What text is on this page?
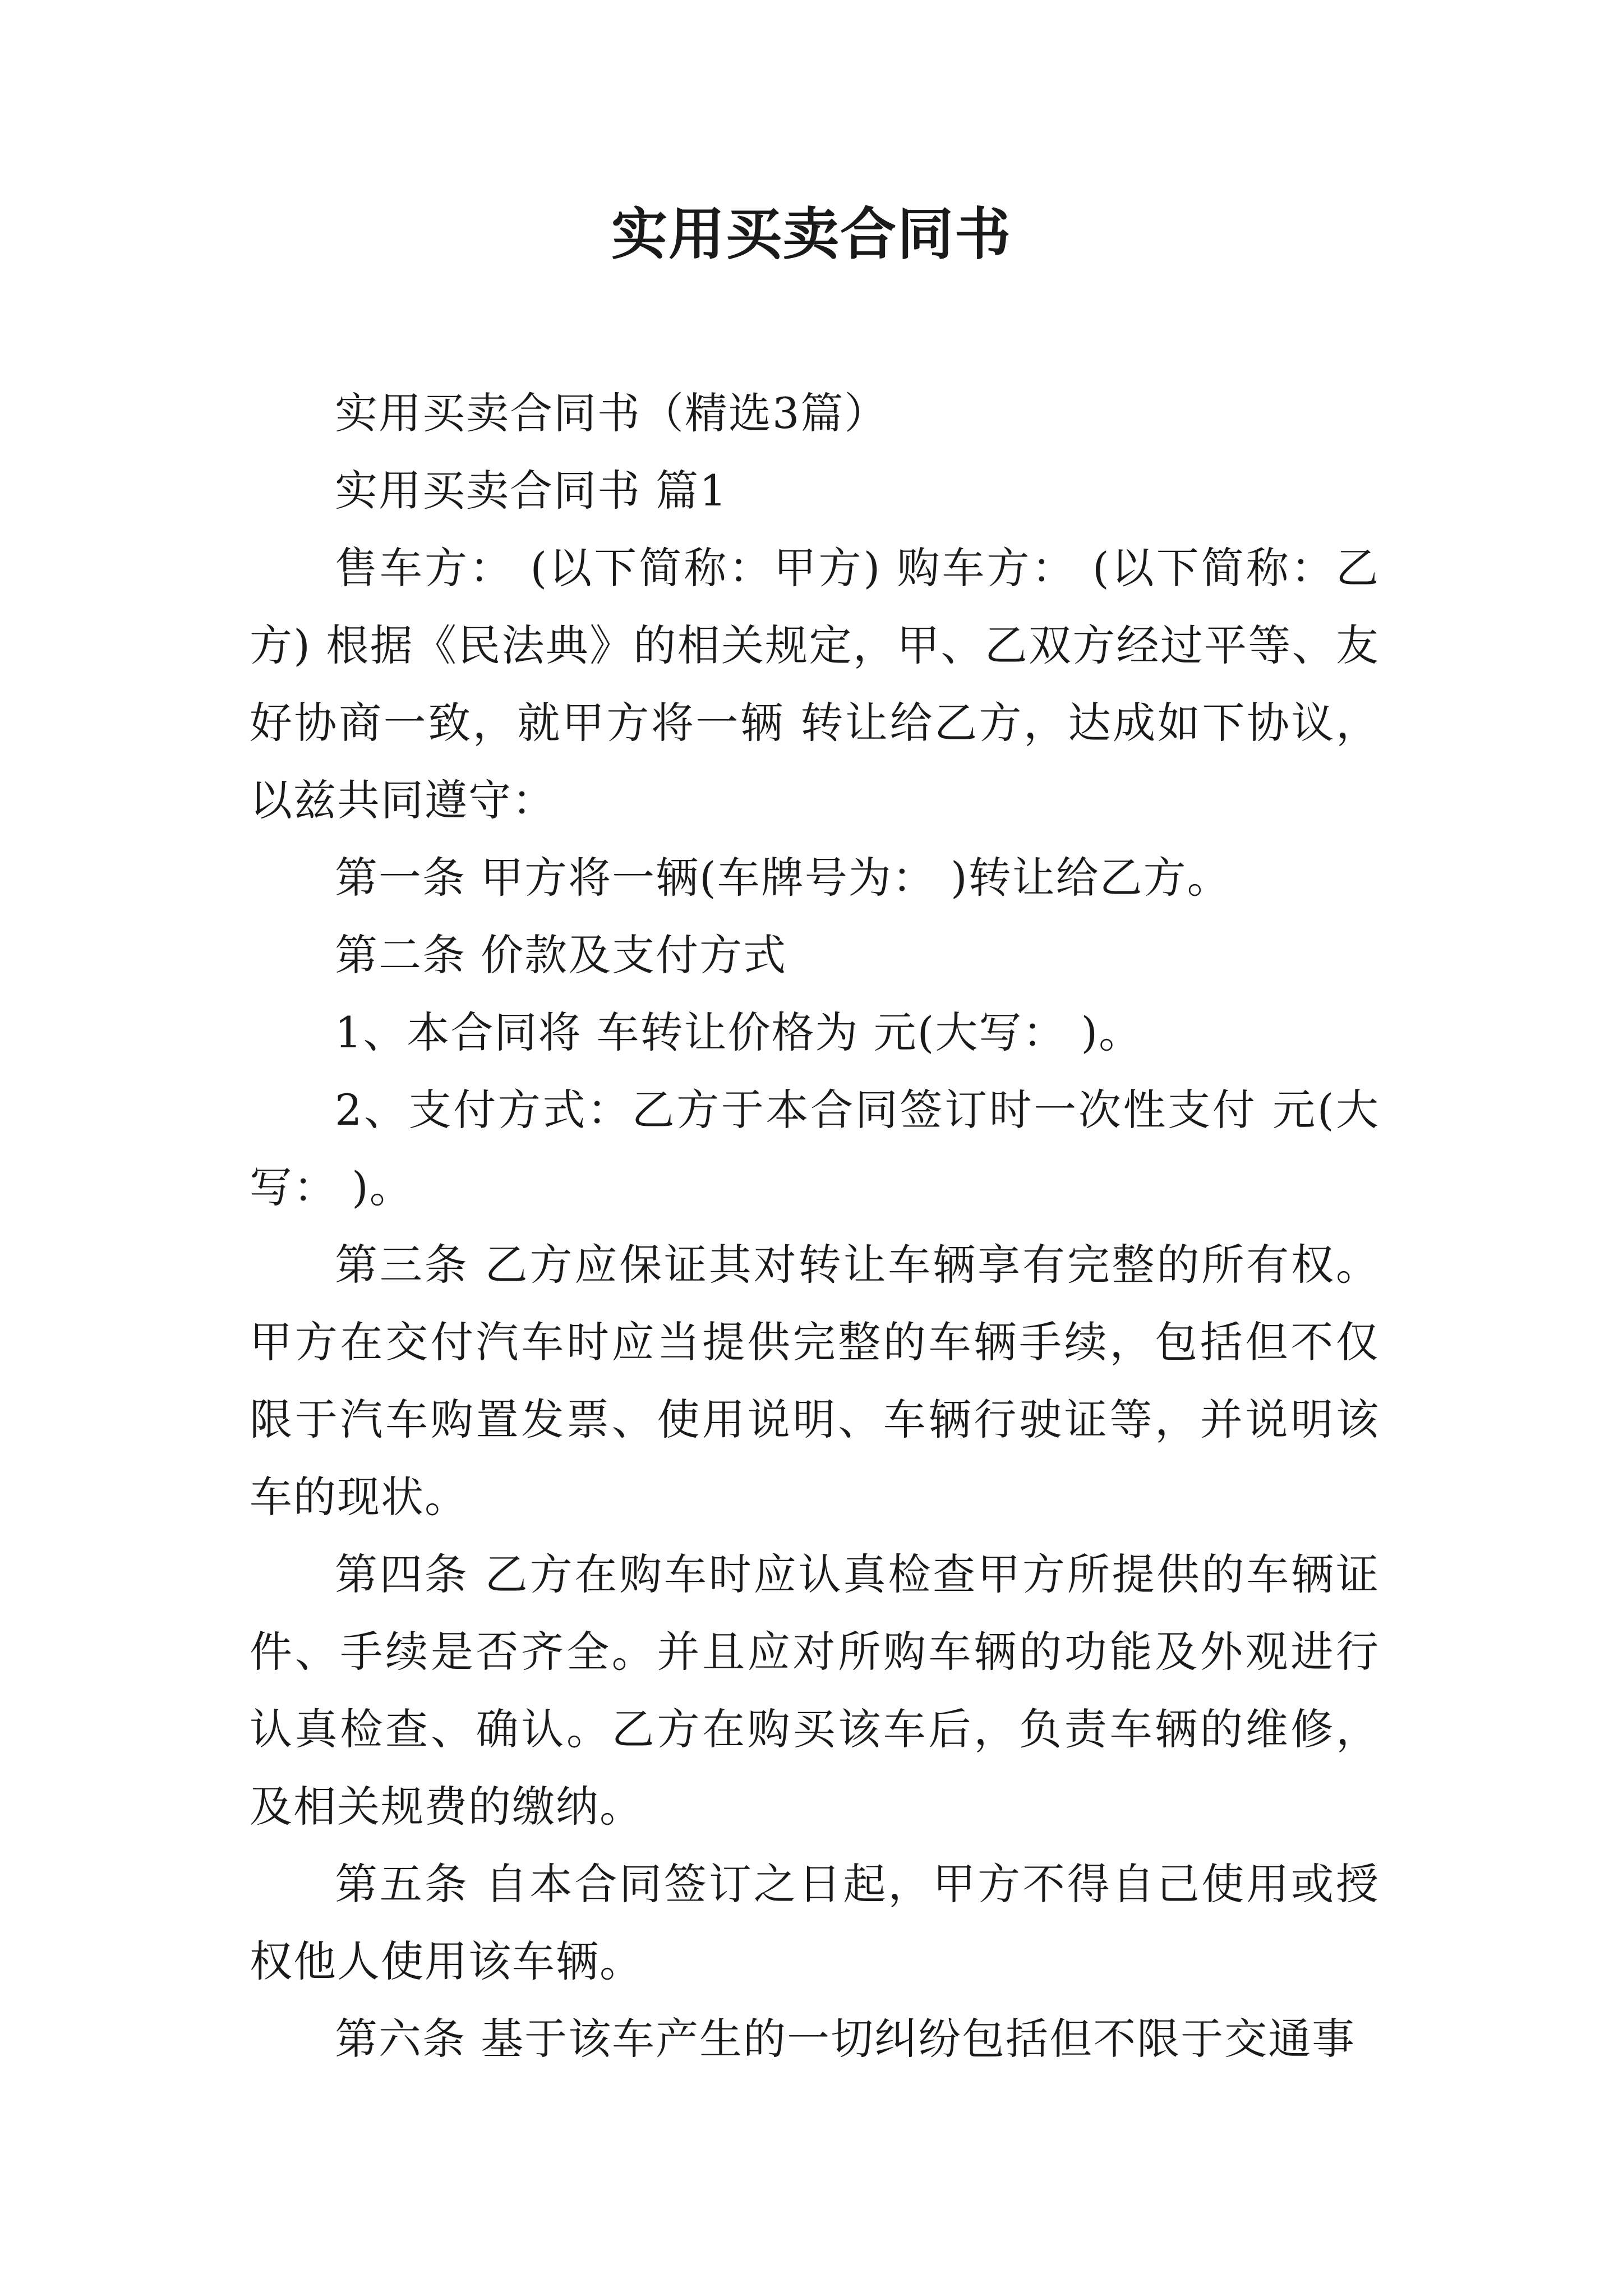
实用买卖合同书

实用买卖合同书（精选3篇）

实用买卖合同书 篇1

售车方： (以下简称：甲方) 购车方： (以下简称：乙方) 根据《民法典》的相关规定，甲、乙双方经过平等、友好协商一致，就甲方将一辆 转让给乙方，达成如下协议，以兹共同遵守：

第一条 甲方将一辆(车牌号为： )转让给乙方。

第二条 价款及支付方式

1、本合同将 车转让价格为 元(大写： )。

2、支付方式：乙方于本合同签订时一次性支付 元(大写： )。

第三条 乙方应保证其对转让车辆享有完整的所有权。甲方在交付汽车时应当提供完整的车辆手续，包括但不仅限于汽车购置发票、使用说明、车辆行驶证等，并说明该车的现状。

第四条 乙方在购车时应认真检查甲方所提供的车辆证件、手续是否齐全。并且应对所购车辆的功能及外观进行认真检查、确认。乙方在购买该车后，负责车辆的维修，及相关规费的缴纳。

第五条 自本合同签订之日起，甲方不得自己使用或授权他人使用该车辆。

第六条 基于该车产生的一切纠纷包括但不限于交通事
